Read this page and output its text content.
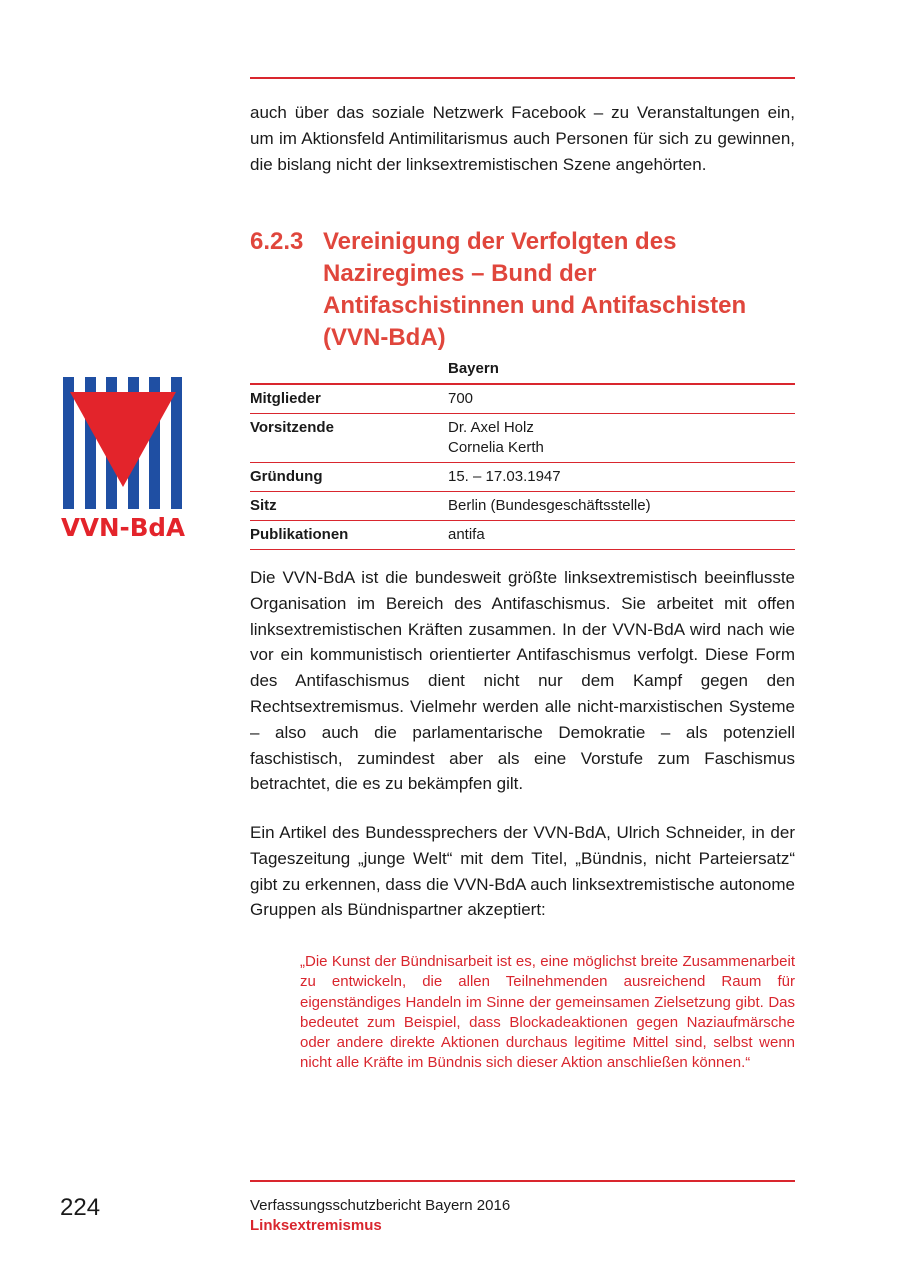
auch über das soziale Netzwerk Facebook – zu Veranstaltungen ein, um im Aktionsfeld Antimilitarismus auch Personen für sich zu gewinnen, die bislang nicht der linksextremistischen Szene angehörten.

6.2.3 Vereinigung der Verfolgten des Naziregimes – Bund der Antifaschistinnen und Antifaschisten (VVN-BdA)
VVN-BdA
	Bayern
Mitglieder	700
Vorsitzende	Dr. Axel Holz
Cornelia Kerth

Gründung	15. – 17.03.1947
Sitz	Berlin (Bundesgeschäftsstelle)
Publikationen	antifa

Die VVN-BdA ist die bundesweit größte linksextremistisch beeinflusste Organisation im Bereich des Antifaschismus. Sie arbeitet mit offen linksextremistischen Kräften zusammen. In der VVN-BdA wird nach wie vor ein kommunistisch orientierter Antifaschismus verfolgt. Diese Form des Antifaschismus dient nicht nur dem Kampf gegen den Rechtsextremismus. Vielmehr werden alle nicht-marxistischen Systeme – also auch die parlamentarische Demokratie – als potenziell faschistisch, zumindest aber als eine Vorstufe zum Faschismus betrachtet, die es zu bekämpfen gilt.

Ein Artikel des Bundessprechers der VVN-BdA, Ulrich Schneider, in der Tageszeitung „junge Welt“ mit dem Titel, „Bündnis, nicht Parteiersatz“ gibt zu erkennen, dass die VVN-BdA auch linksextremistische autonome Gruppen als Bündnispartner akzeptiert:

„Die Kunst der Bündnisarbeit ist es, eine möglichst breite Zusammenarbeit zu entwickeln, die allen Teilnehmenden ausreichend Raum für eigenständiges Handeln im Sinne der gemeinsamen Zielsetzung gibt. Das bedeutet zum Beispiel, dass Blockadeaktionen gegen Naziaufmärsche oder andere direkte Aktionen durchaus legitime Mittel sind, selbst wenn nicht alle Kräfte im Bündnis sich dieser Aktion anschließen können.“
224	Verfassungsschutzbericht Bayern 2016
Linksextremismus
